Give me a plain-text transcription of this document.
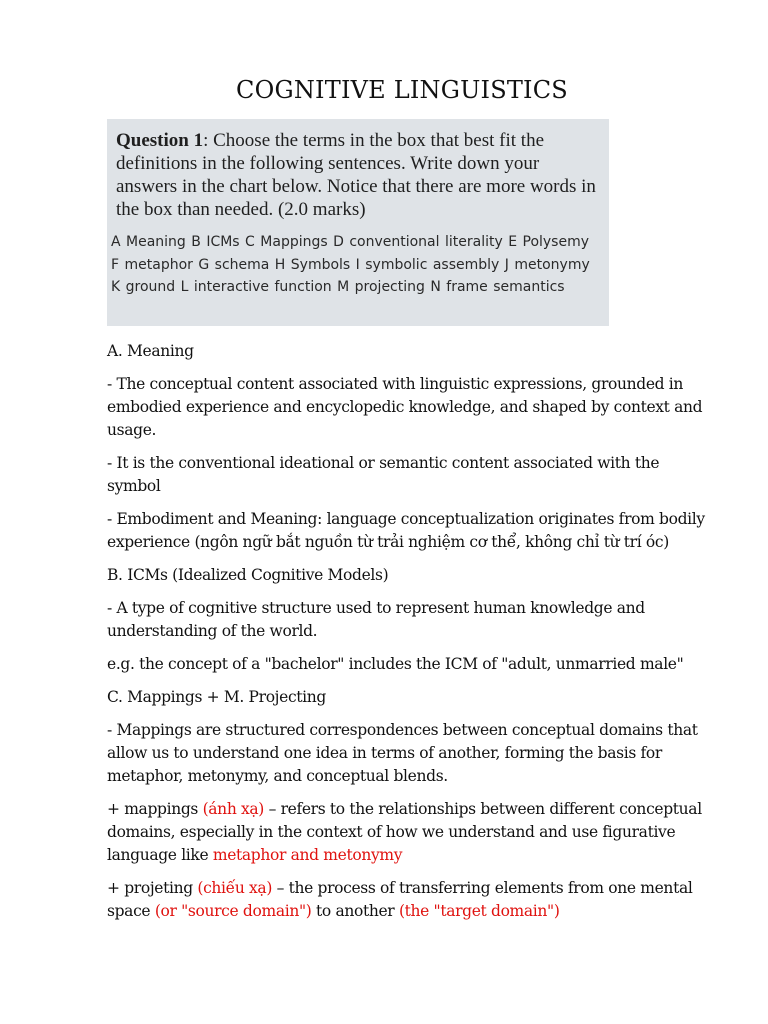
COGNITIVE LINGUISTICS
Question 1: Choose the terms in the box that best fit the definitions in the following sentences. Write down your answers in the chart below. Notice that there are more words in the box than needed. (2.0 marks)
A Meaning B ICMs C Mappings D conventional literality E Polysemy F metaphor G schema H Symbols I symbolic assembly J metonymy K ground L interactive function M projecting N frame semantics

A. Meaning

- The conceptual content associated with linguistic expressions, grounded in embodied experience and encyclopedic knowledge, and shaped by context and usage.

- It is the conventional ideational or semantic content associated with the symbol

- Embodiment and Meaning: language conceptualization originates from bodily experience (ngôn ngữ bắt nguồn từ trải nghiệm cơ thể, không chỉ từ trí óc)

B. ICMs (Idealized Cognitive Models)

- A type of cognitive structure used to represent human knowledge and understanding of the world.

e.g. the concept of a "bachelor" includes the ICM of "adult, unmarried male"

C. Mappings + M. Projecting

- Mappings are structured correspondences between conceptual domains that allow us to understand one idea in terms of another, forming the basis for metaphor, metonymy, and conceptual blends.

+ mappings (ánh xạ) – refers to the relationships between different conceptual domains, especially in the context of how we understand and use figurative language like metaphor and metonymy

+ projeting (chiếu xạ) – the process of transferring elements from one mental space (or "source domain") to another (the "target domain")
